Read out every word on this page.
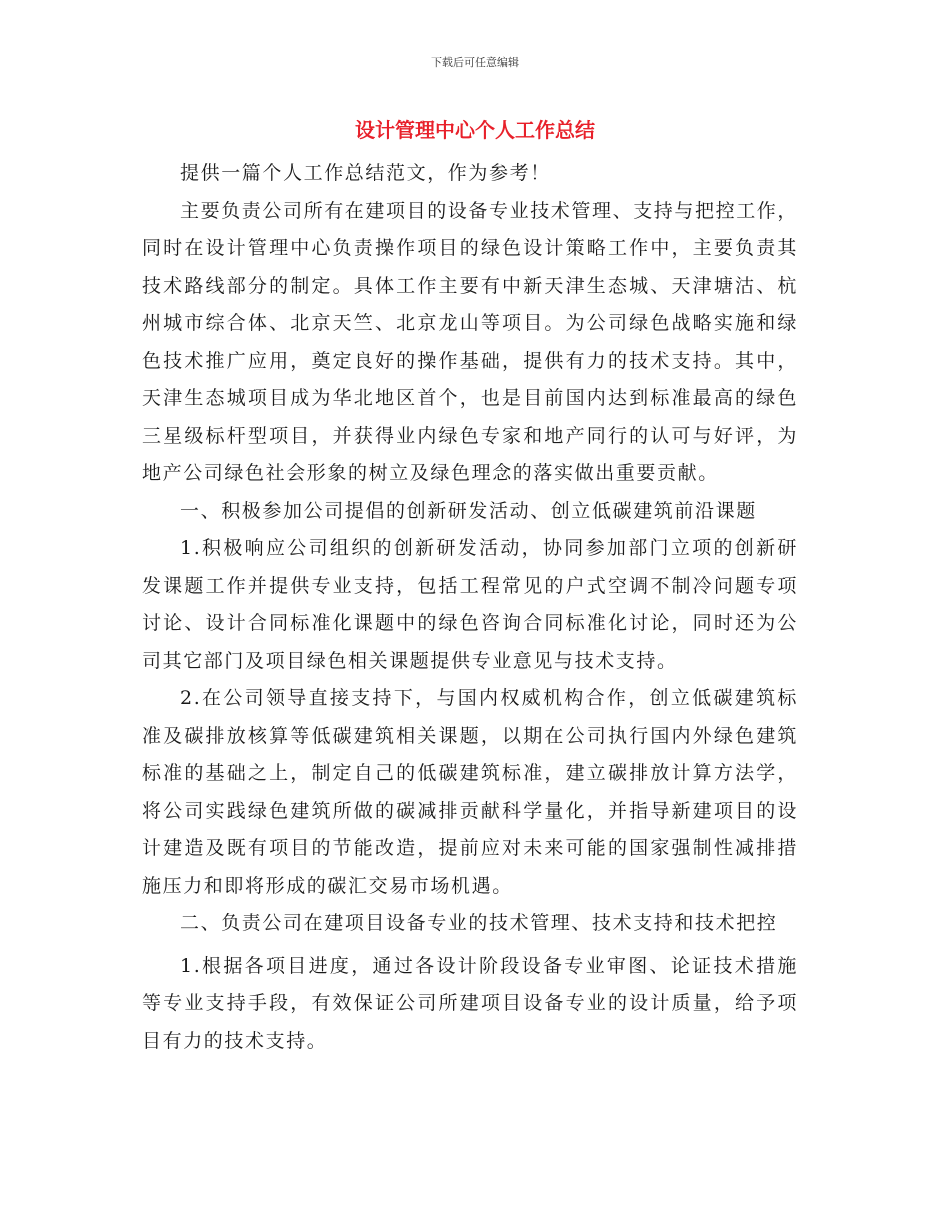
下载后可任意编辑
设计管理中心个人工作总结

提供一篇个人工作总结范文，作为参考！

主要负责公司所有在建项目的设备专业技术管理、支持与把控工作，同时在设计管理中心负责操作项目的绿色设计策略工作中，主要负责其技术路线部分的制定。具体工作主要有中新天津生态城、天津塘沽、杭州城市综合体、北京天竺、北京龙山等项目。为公司绿色战略实施和绿色技术推广应用，奠定良好的操作基础，提供有力的技术支持。其中，天津生态城项目成为华北地区首个，也是目前国内达到标准最高的绿色三星级标杆型项目，并获得业内绿色专家和地产同行的认可与好评，为地产公司绿色社会形象的树立及绿色理念的落实做出重要贡献。

一、积极参加公司提倡的创新研发活动、创立低碳建筑前沿课题

1.积极响应公司组织的创新研发活动，协同参加部门立项的创新研发课题工作并提供专业支持，包括工程常见的户式空调不制冷问题专项讨论、设计合同标准化课题中的绿色咨询合同标准化讨论，同时还为公司其它部门及项目绿色相关课题提供专业意见与技术支持。

2.在公司领导直接支持下，与国内权威机构合作，创立低碳建筑标准及碳排放核算等低碳建筑相关课题，以期在公司执行国内外绿色建筑标准的基础之上，制定自己的低碳建筑标准，建立碳排放计算方法学，将公司实践绿色建筑所做的碳减排贡献科学量化，并指导新建项目的设计建造及既有项目的节能改造，提前应对未来可能的国家强制性减排措施压力和即将形成的碳汇交易市场机遇。

二、负责公司在建项目设备专业的技术管理、技术支持和技术把控

1.根据各项目进度，通过各设计阶段设备专业审图、论证技术措施等专业支持手段，有效保证公司所建项目设备专业的设计质量，给予项目有力的技术支持。
